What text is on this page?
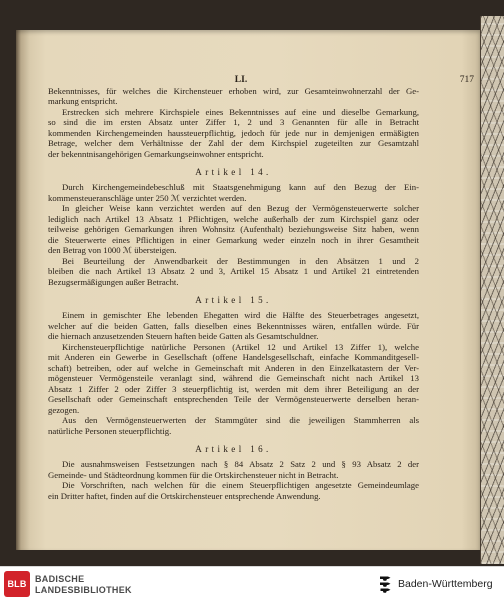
LI.	717
Bekenntnisses, für welches die Kirchensteuer erhoben wird, zur Gesamteinwohnerzahl der Ge-
markung entspricht.
Erstrecken sich mehrere Kirchspiele eines Bekenntnisses auf eine und dieselbe Gemarkung,
so sind die im ersten Absatz unter Ziffer 1, 2 und 3 Genannten für alle in Betracht
kommenden Kirchengemeinden haussteuerpflichtig, jedoch für jede nur in demjenigen ermäßigten
Betrage, welcher dem Verhältnisse der Zahl der dem Kirchspiel zugeteilten zur Gesamtzahl
der bekenntnisangehörigen Gemarkungseinwohner entspricht.
Artikel 14.
Durch Kirchengemeindebeschluß mit Staatsgenehmigung kann auf den Bezug der Ein-
kommensteueranschläge unter 250 ℳ verzichtet werden.
In gleicher Weise kann verzichtet werden auf den Bezug der Vermögensteuerwerte solcher
lediglich nach Artikel 13 Absatz 1 Pflichtigen, welche außerhalb der zum Kirchspiel ganz oder
teilweise gehörigen Gemarkungen ihren Wohnsitz (Aufenthalt) beziehungsweise Sitz haben, wenn
die Steuerwerte eines Pflichtigen in einer Gemarkung weder einzeln noch in ihrer Gesamtheit
den Betrag von 1000 ℳ übersteigen.
Bei Beurteilung der Anwendbarkeit der Bestimmungen in den Absätzen 1 und 2
bleiben die nach Artikel 13 Absatz 2 und 3, Artikel 15 Absatz 1 und Artikel 21 eintretenden
Bezugsermäßigungen außer Betracht.
Artikel 15.
Einem in gemischter Ehe lebenden Ehegatten wird die Hälfte des Steuerbetrages angesetzt,
welcher auf die beiden Gatten, falls dieselben eines Bekenntnisses wären, entfallen würde. Für
die hiernach anzusetzenden Steuern haften beide Gatten als Gesamtschuldner.
Kirchensteuerpflichtige natürliche Personen (Artikel 12 und Artikel 13 Ziffer 1), welche
mit Anderen ein Gewerbe in Gesellschaft (offene Handelsgesellschaft, einfache Kommanditgesell-
schaft) betreiben, oder auf welche in Gemeinschaft mit Anderen in den Einzelkatastern der Ver-
mögensteuer Vermögensteile veranlagt sind, während die Gemeinschaft nicht nach Artikel 13
Absatz 1 Ziffer 2 oder Ziffer 3 steuerpflichtig ist, werden mit dem ihrer Beteiligung an der
Gesellschaft oder Gemeinschaft entsprechenden Teile der Vermögensteuerwerte derselben heran-
gezogen.
Aus den Vermögensteuerwerten der Stammgüter sind die jeweiligen Stammherren als
natürliche Personen steuerpflichtig.
Artikel 16.
Die ausnahmsweisen Festsetzungen nach § 84 Absatz 2 Satz 2 und § 93 Absatz 2 der
Gemeinde- und Städteordnung kommen für die Ortskirchensteuer nicht in Betracht.
Die Vorschriften, nach welchen für die einem Steuerpflichtigen angesetzte Gemeindeumlage
ein Dritter haftet, finden auf die Ortskirchensteuer entsprechende Anwendung.
BLB BADISCHE
LANDESBIBLIOTHEK	Baden-Württemberg
